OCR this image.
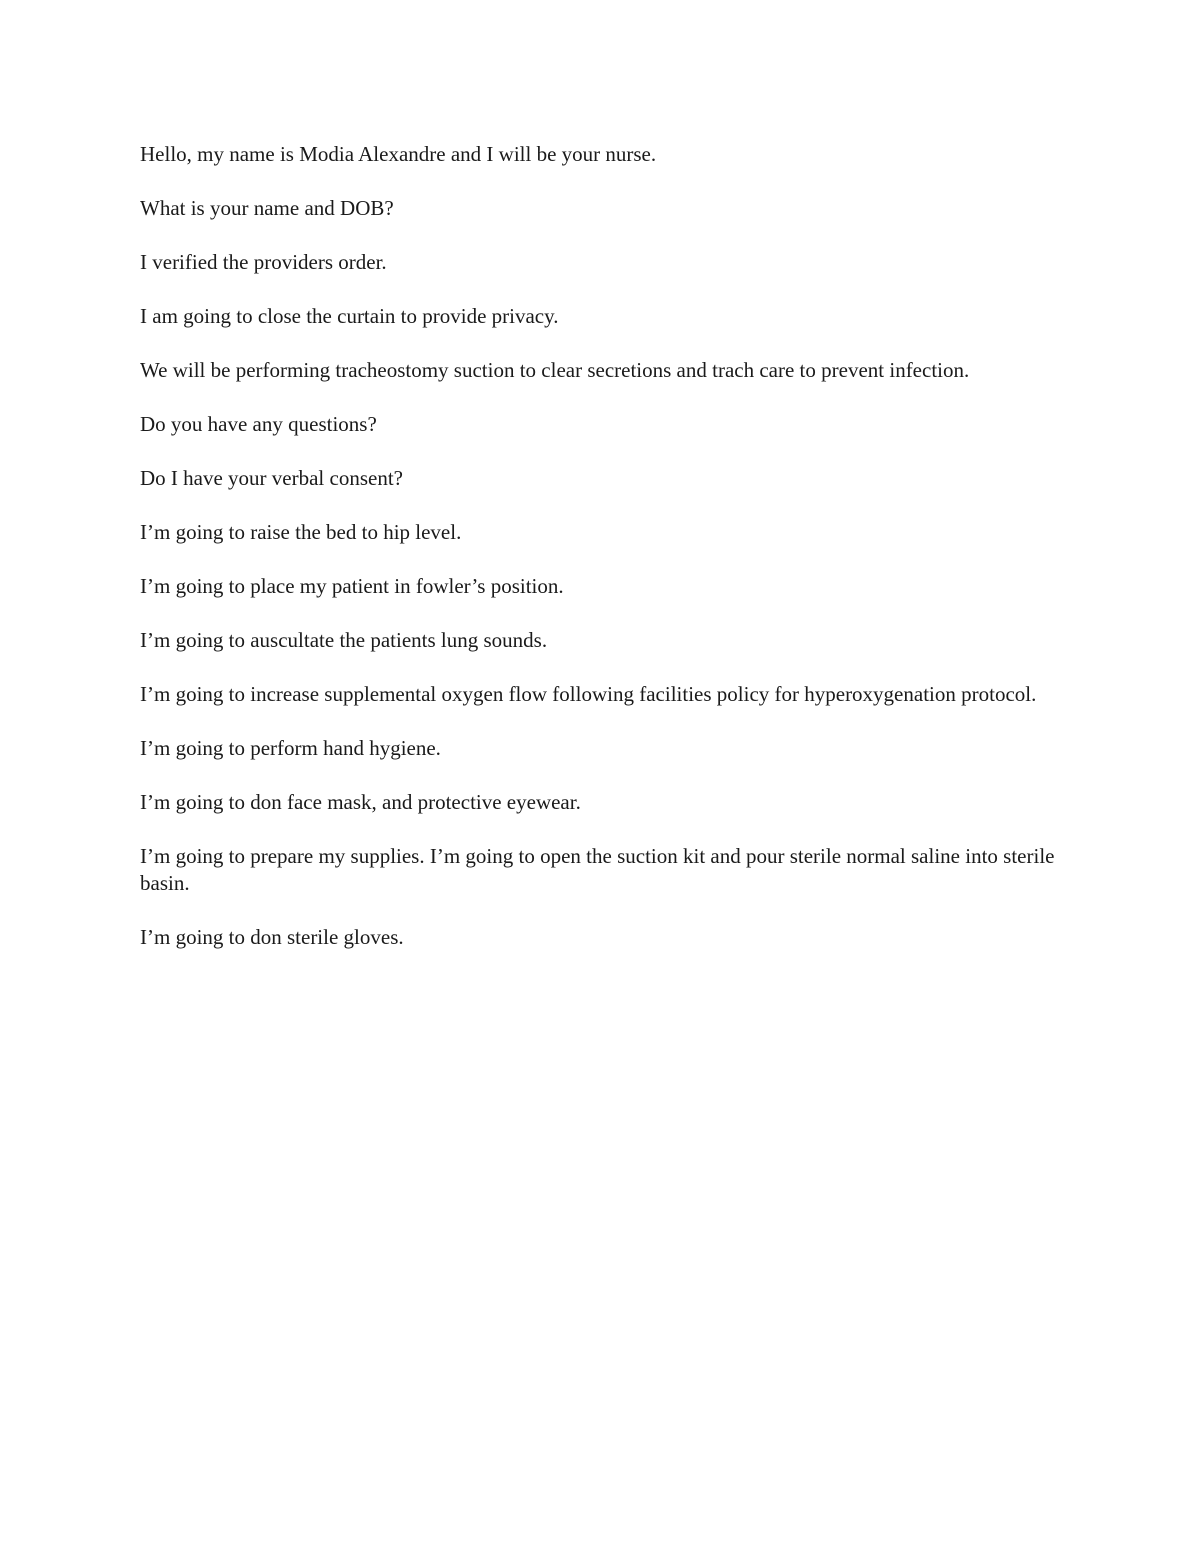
Hello, my name is Modia Alexandre and I will be your nurse.

What is your name and DOB?

I verified the providers order.

I am going to close the curtain to provide privacy.

We will be performing tracheostomy suction to clear secretions and trach care to prevent infection.

Do you have any questions?

Do I have your verbal consent?

I’m going to raise the bed to hip level.

I’m going to place my patient in fowler’s position.

I’m going to auscultate the patients lung sounds.

I’m going to increase supplemental oxygen flow following facilities policy for hyperoxygenation protocol.

I’m going to perform hand hygiene.

I’m going to don face mask, and protective eyewear.

I’m going to prepare my supplies. I’m going to open the suction kit and pour sterile normal saline into sterile basin.

I’m going to don sterile gloves.
